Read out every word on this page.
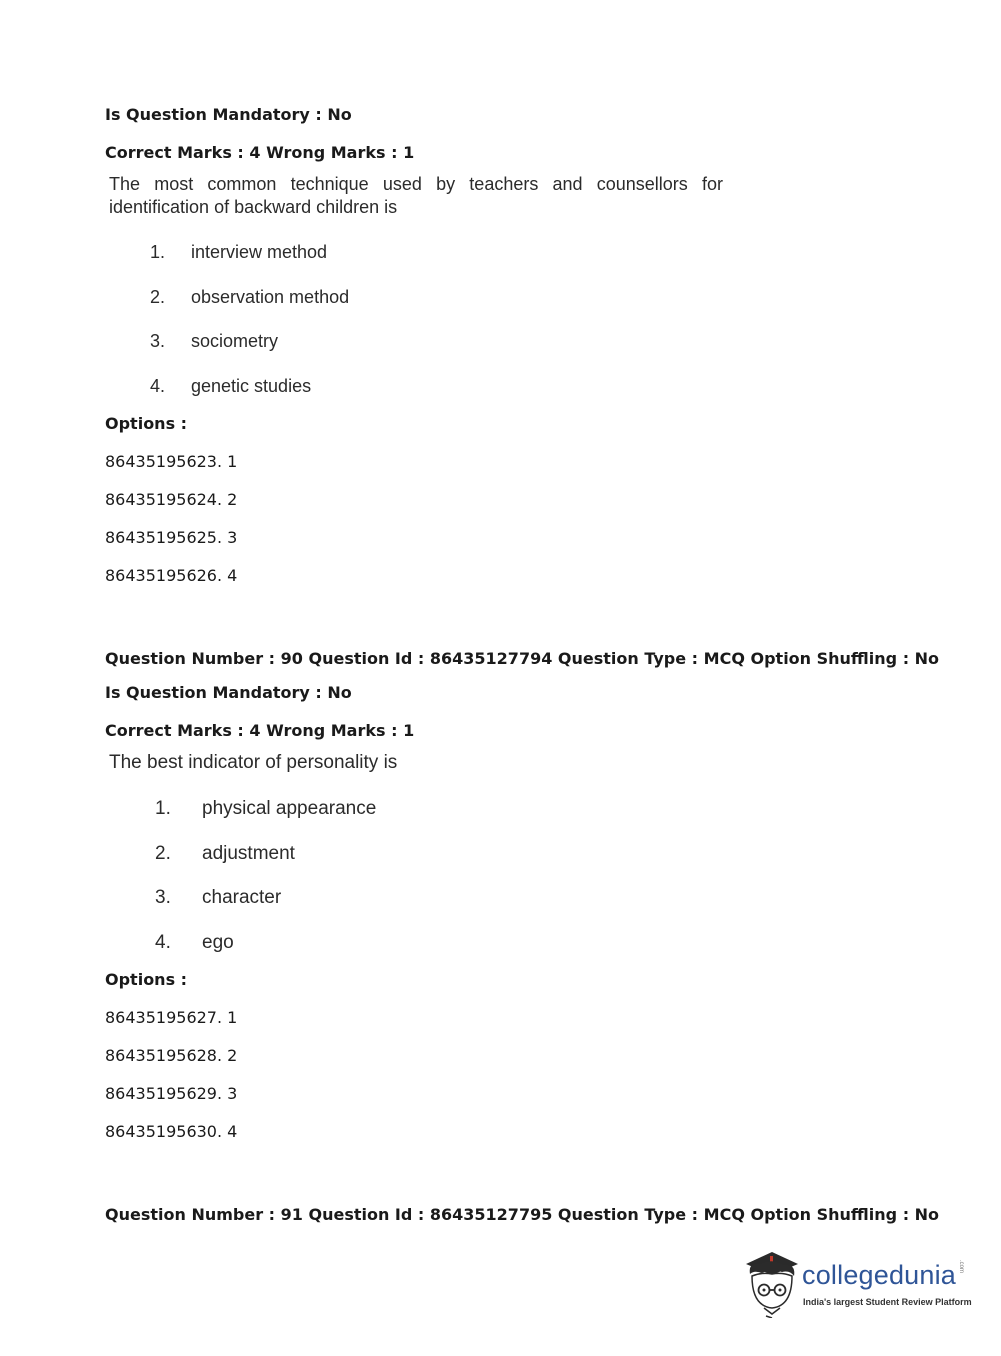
Is Question Mandatory : No
Correct Marks : 4 Wrong Marks : 1
The most common technique used by teachers and counsellors for
identification of backward children is
1. interview method
2. observation method
3. sociometry
4. genetic studies
Options :
86435195623. 1
86435195624. 2
86435195625. 3
86435195626. 4
Question Number : 90 Question Id : 86435127794 Question Type : MCQ Option Shuffling : No
Is Question Mandatory : No
Correct Marks : 4 Wrong Marks : 1
The best indicator of personality is
1. physical appearance
2. adjustment
3. character
4. ego
Options :
86435195627. 1
86435195628. 2
86435195629. 3
86435195630. 4
Question Number : 91 Question Id : 86435127795 Question Type : MCQ Option Shuffling : No
collegedunia .com
India's largest Student Review Platform
